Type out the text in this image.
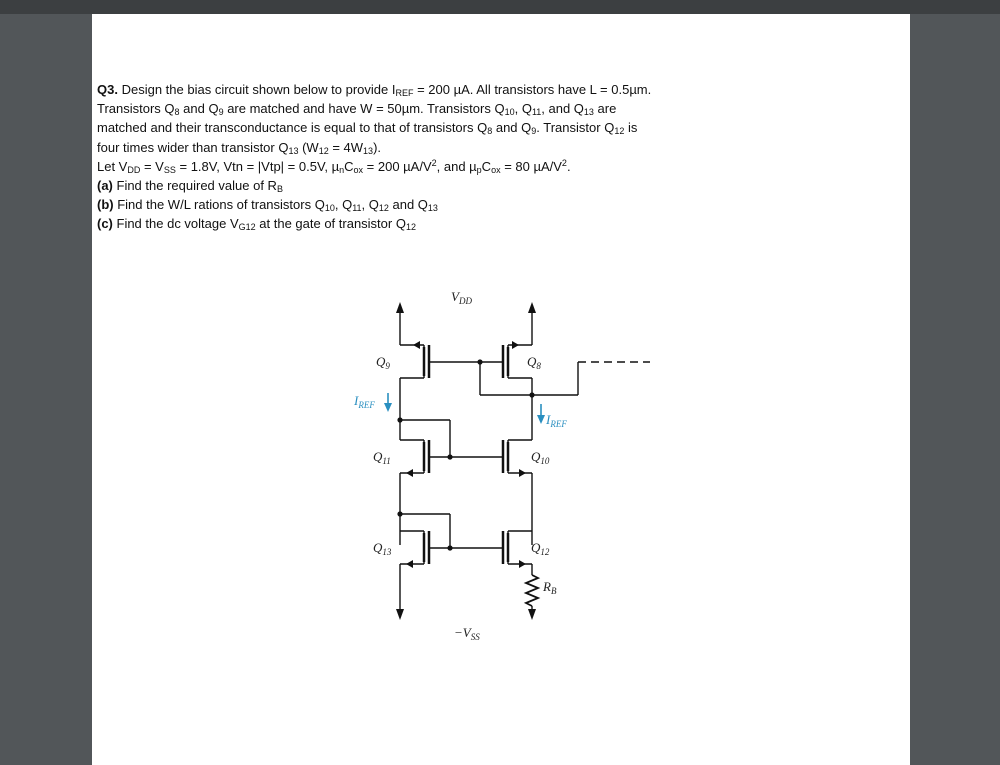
Q3. Design the bias circuit shown below to provide $I_{REF} = 200$ µA. All transistors have L = 0.5µm.

Transistors $Q_8$ and $Q_9$ are matched and have W = 50µm. Transistors $Q_{10}$, $Q_{11}$, and $Q_{13}$ are

matched and their transconductance is equal to that of transistors $Q_8$ and $Q_9$. Transistor $Q_{12}$ is

four times wider than transistor $Q_{13}$ $(W_{12} = 4W_{13})$.

Let $V_{DD} = V_{SS} = 1.8V$, Vtn = |Vtp| = 0.5V, $\mu_nC_{ox} = 200$ $\mu A/V^2$, and $\mu_pC_{ox} = 80$ $\mu A/V^2$.

(a) Find the required value of $R_B$

(b) Find the W/L rations of transistors $Q_{10}$, $Q_{11}$, $Q_{12}$ and $Q_{13}$

(c) Find the dc voltage $V_{G12}$ at the gate of transistor $Q_{12}$

$V_{DD}$
$-V_{SS}$
$Q_9$	$Q_8$
$Q_{11}$	$Q_{10}$
$Q_{13}$	$Q_{12}$
$I_{REF}$
$I_{REF}$
$R_B$
